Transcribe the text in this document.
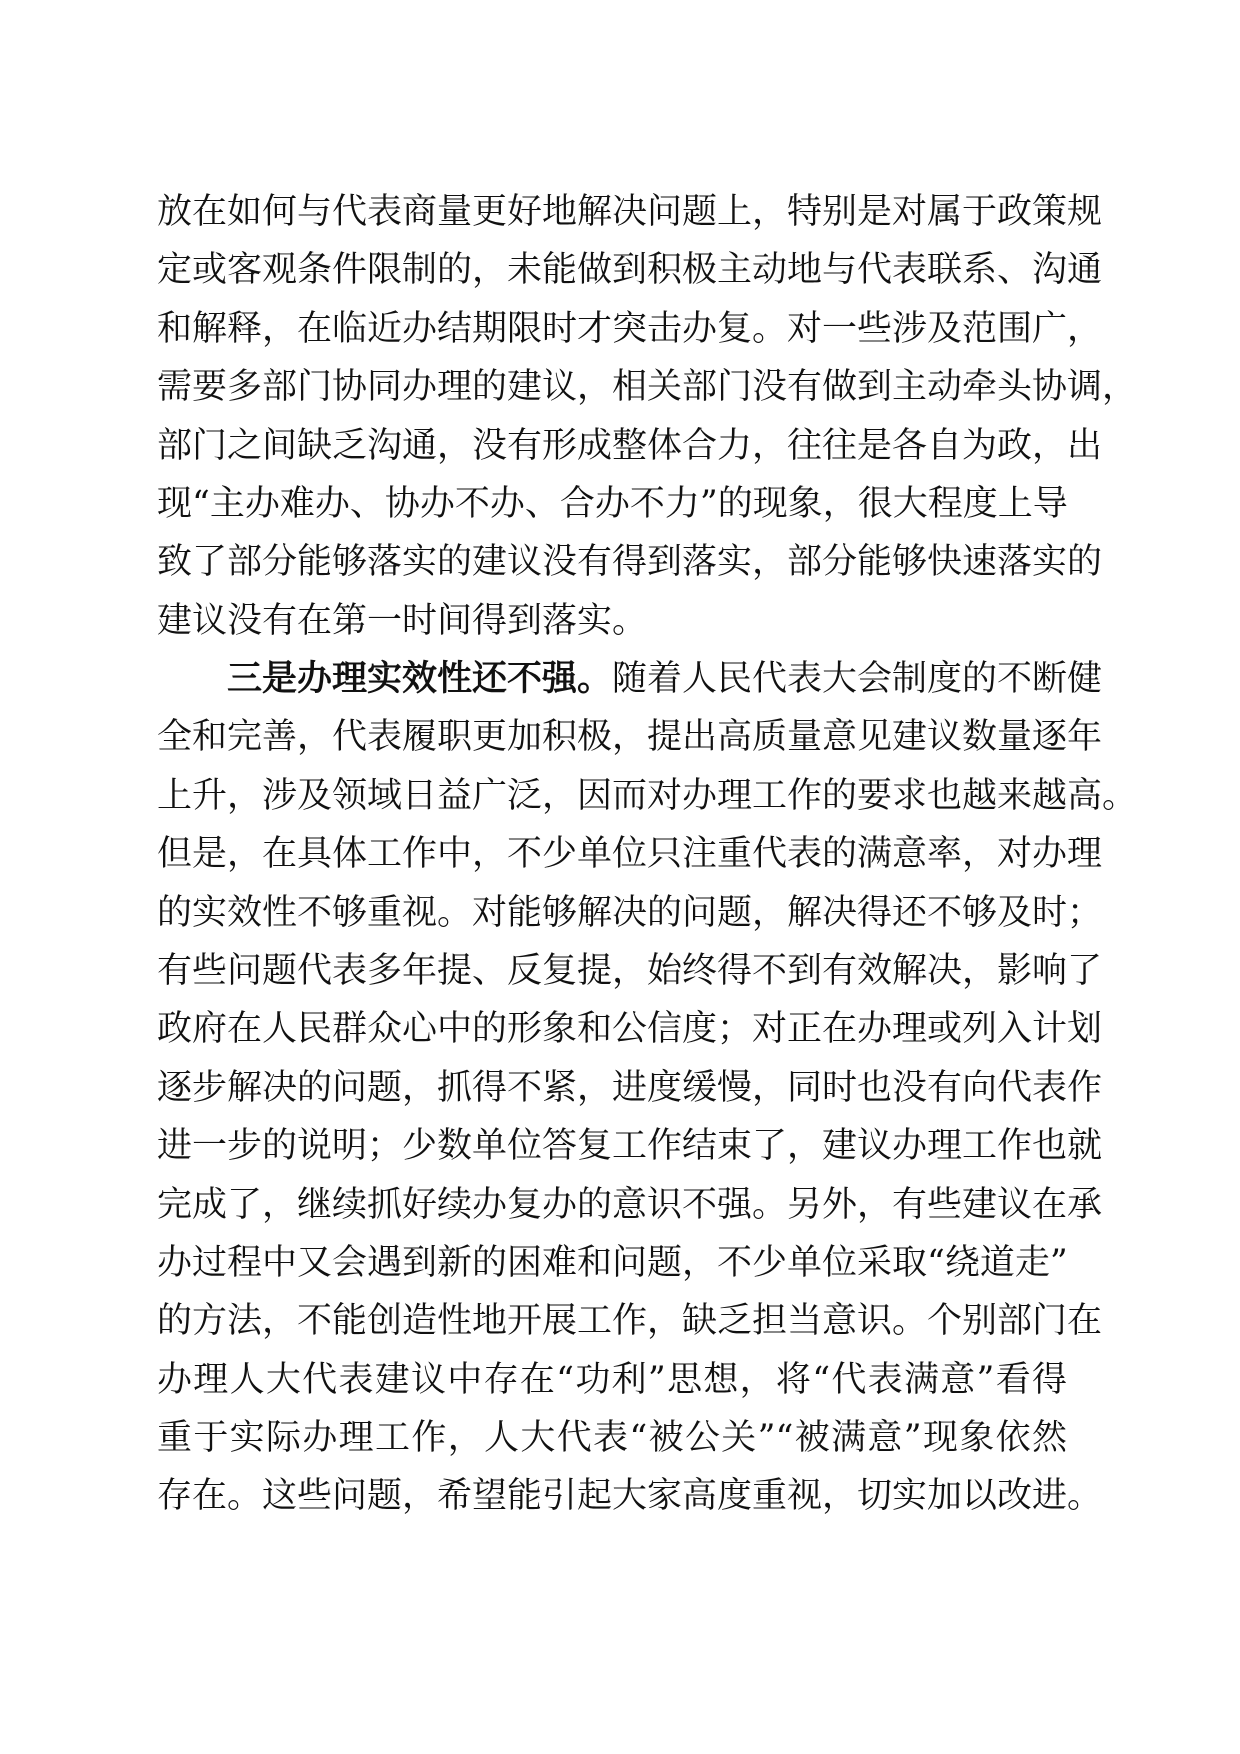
放在如何与代表商量更好地解决问题上，特别是对属于政策规
定或客观条件限制的，未能做到积极主动地与代表联系、沟通
和解释，在临近办结期限时才突击办复。对一些涉及范围广，
需要多部门协同办理的建议，相关部门没有做到主动牵头协调，
部门之间缺乏沟通，没有形成整体合力，往往是各自为政，出
现“主办难办、协办不办、合办不力”的现象，很大程度上导
致了部分能够落实的建议没有得到落实，部分能够快速落实的
建议没有在第一时间得到落实。
三是办理实效性还不强。随着人民代表大会制度的不断健
全和完善，代表履职更加积极，提出高质量意见建议数量逐年
上升，涉及领域日益广泛，因而对办理工作的要求也越来越高。
但是，在具体工作中，不少单位只注重代表的满意率，对办理
的实效性不够重视。对能够解决的问题，解决得还不够及时；
有些问题代表多年提、反复提，始终得不到有效解决，影响了
政府在人民群众心中的形象和公信度；对正在办理或列入计划
逐步解决的问题，抓得不紧，进度缓慢，同时也没有向代表作
进一步的说明；少数单位答复工作结束了，建议办理工作也就
完成了，继续抓好续办复办的意识不强。另外，有些建议在承
办过程中又会遇到新的困难和问题，不少单位采取“绕道走”
的方法，不能创造性地开展工作，缺乏担当意识。个别部门在
办理人大代表建议中存在“功利”思想，将“代表满意”看得
重于实际办理工作，人大代表“被公关”“被满意”现象依然
存在。这些问题，希望能引起大家高度重视，切实加以改进。
